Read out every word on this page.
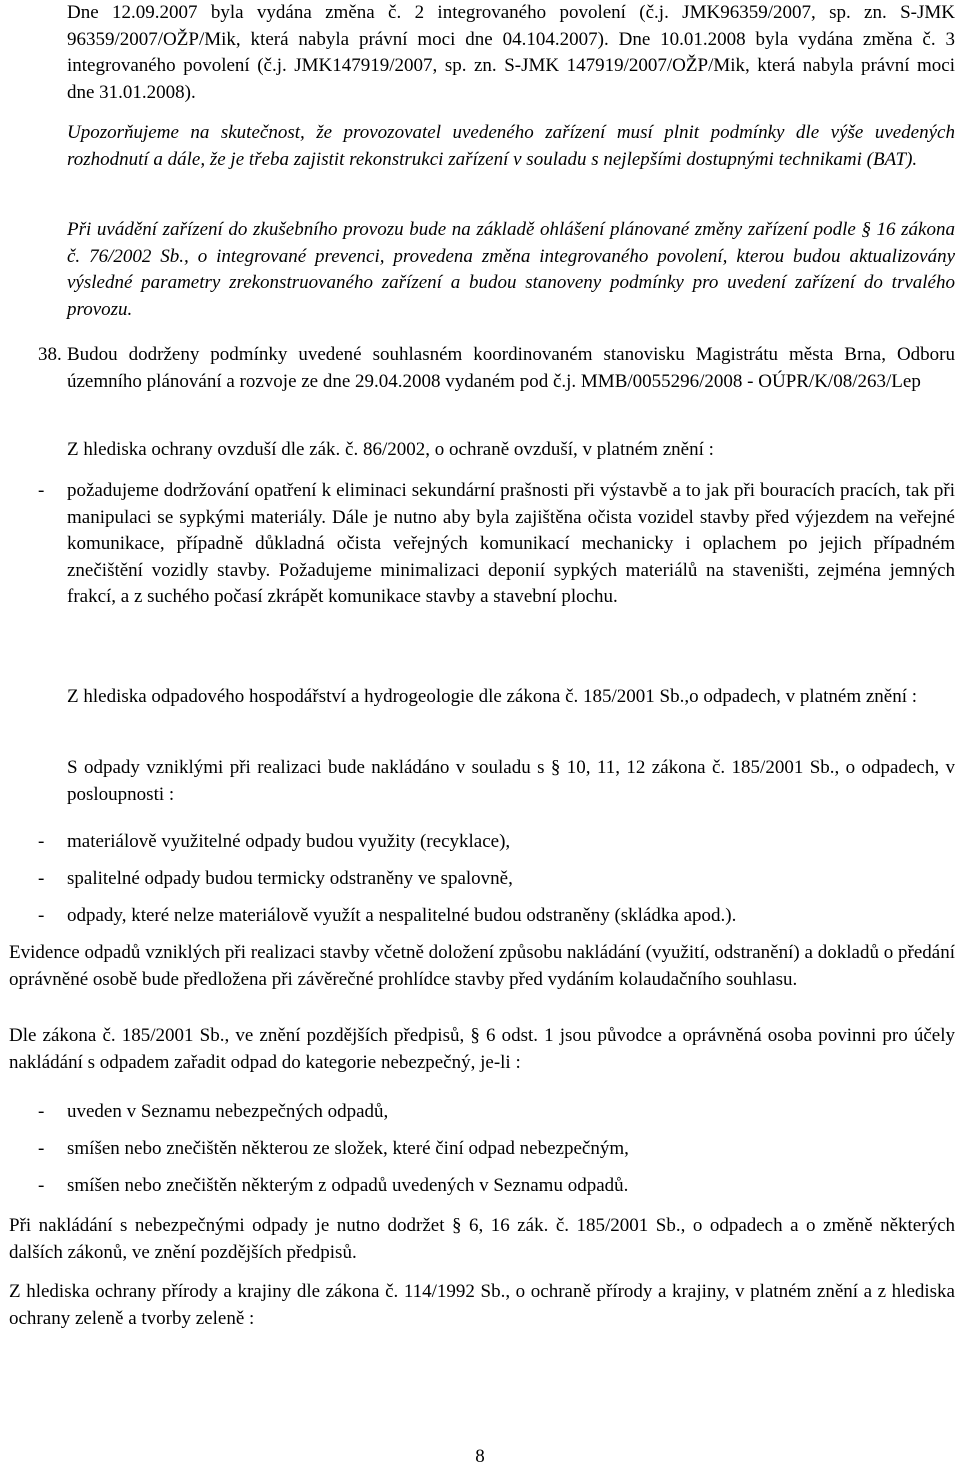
Dne 12.09.2007 byla vydána změna č. 2 integrovaného povolení (č.j. JMK96359/2007, sp. zn. S-JMK 96359/2007/OŽP/Mik, která nabyla právní moci dne 04.104.2007). Dne 10.01.2008 byla vydána změna č. 3 integrovaného povolení (č.j. JMK147919/2007, sp. zn. S-JMK 147919/2007/OŽP/Mik, která nabyla právní moci dne 31.01.2008).

Upozorňujeme na skutečnost, že provozovatel uvedeného zařízení musí plnit podmínky dle výše uvedených rozhodnutí a dále, že je třeba zajistit rekonstrukci zařízení v souladu s nejlepšími dostupnými technikami (BAT).

Při uvádění zařízení do zkušebního provozu bude na základě ohlášení plánované změny zařízení podle § 16 zákona č. 76/2002 Sb., o integrované prevenci, provedena změna integrovaného povolení, kterou budou aktualizovány výsledné parametry zrekonstruovaného zařízení a budou stanoveny podmínky pro uvedení zařízení do trvalého provozu.

38. Budou dodrženy podmínky uvedené souhlasném koordinovaném stanovisku Magistrátu města Brna, Odboru územního plánování a rozvoje ze dne 29.04.2008 vydaném pod č.j. MMB/0055296/2008 - OÚPR/K/08/263/Lep

Z hlediska ochrany ovzduší dle zák. č. 86/2002, o ochraně ovzduší, v platném znění :

- požadujeme dodržování opatření k eliminaci sekundární prašnosti při výstavbě a to jak při bouracích pracích, tak při manipulaci se sypkými materiály. Dále je nutno aby byla zajištěna očista vozidel stavby před výjezdem na veřejné komunikace, případně důkladná očista veřejných komunikací mechanicky i oplachem po jejich případném znečištění vozidly stavby. Požadujeme minimalizaci deponií sypkých materiálů na staveništi, zejména jemných frakcí, a z suchého počasí zkrápět komunikace stavby a stavební plochu.

Z hlediska odpadového hospodářství a hydrogeologie dle zákona č. 185/2001 Sb.,o odpadech, v platném znění :

S odpady vzniklými při realizaci bude nakládáno v souladu s § 10, 11, 12 zákona č. 185/2001 Sb., o odpadech, v posloupnosti :

- materiálově využitelné odpady budou využity (recyklace),
- spalitelné odpady budou termicky odstraněny ve spalovně,
- odpady, které nelze materiálově využít a nespalitelné budou odstraněny (skládka apod.).

Evidence odpadů vzniklých při realizaci stavby včetně doložení způsobu nakládání (využití, odstranění) a dokladů o předání oprávněné osobě bude předložena při závěrečné prohlídce stavby před vydáním kolaudačního souhlasu.

Dle zákona č. 185/2001 Sb., ve znění pozdějších předpisů, § 6 odst. 1 jsou původce a oprávněná osoba povinni pro účely nakládání s odpadem zařadit odpad do kategorie nebezpečný, je-li :

- uveden v Seznamu nebezpečných odpadů,
- smíšen nebo znečištěn některou ze složek, které činí odpad nebezpečným,
- smíšen nebo znečištěn některým z odpadů uvedených v Seznamu odpadů.

Při nakládání s nebezpečnými odpady je nutno dodržet § 6, 16 zák. č. 185/2001 Sb., o odpadech a o změně některých dalších zákonů, ve znění pozdějších předpisů.

Z hlediska ochrany přírody a krajiny dle zákona č. 114/1992 Sb., o ochraně přírody a krajiny, v platném znění a z hlediska ochrany zeleně a tvorby zeleně :

8
